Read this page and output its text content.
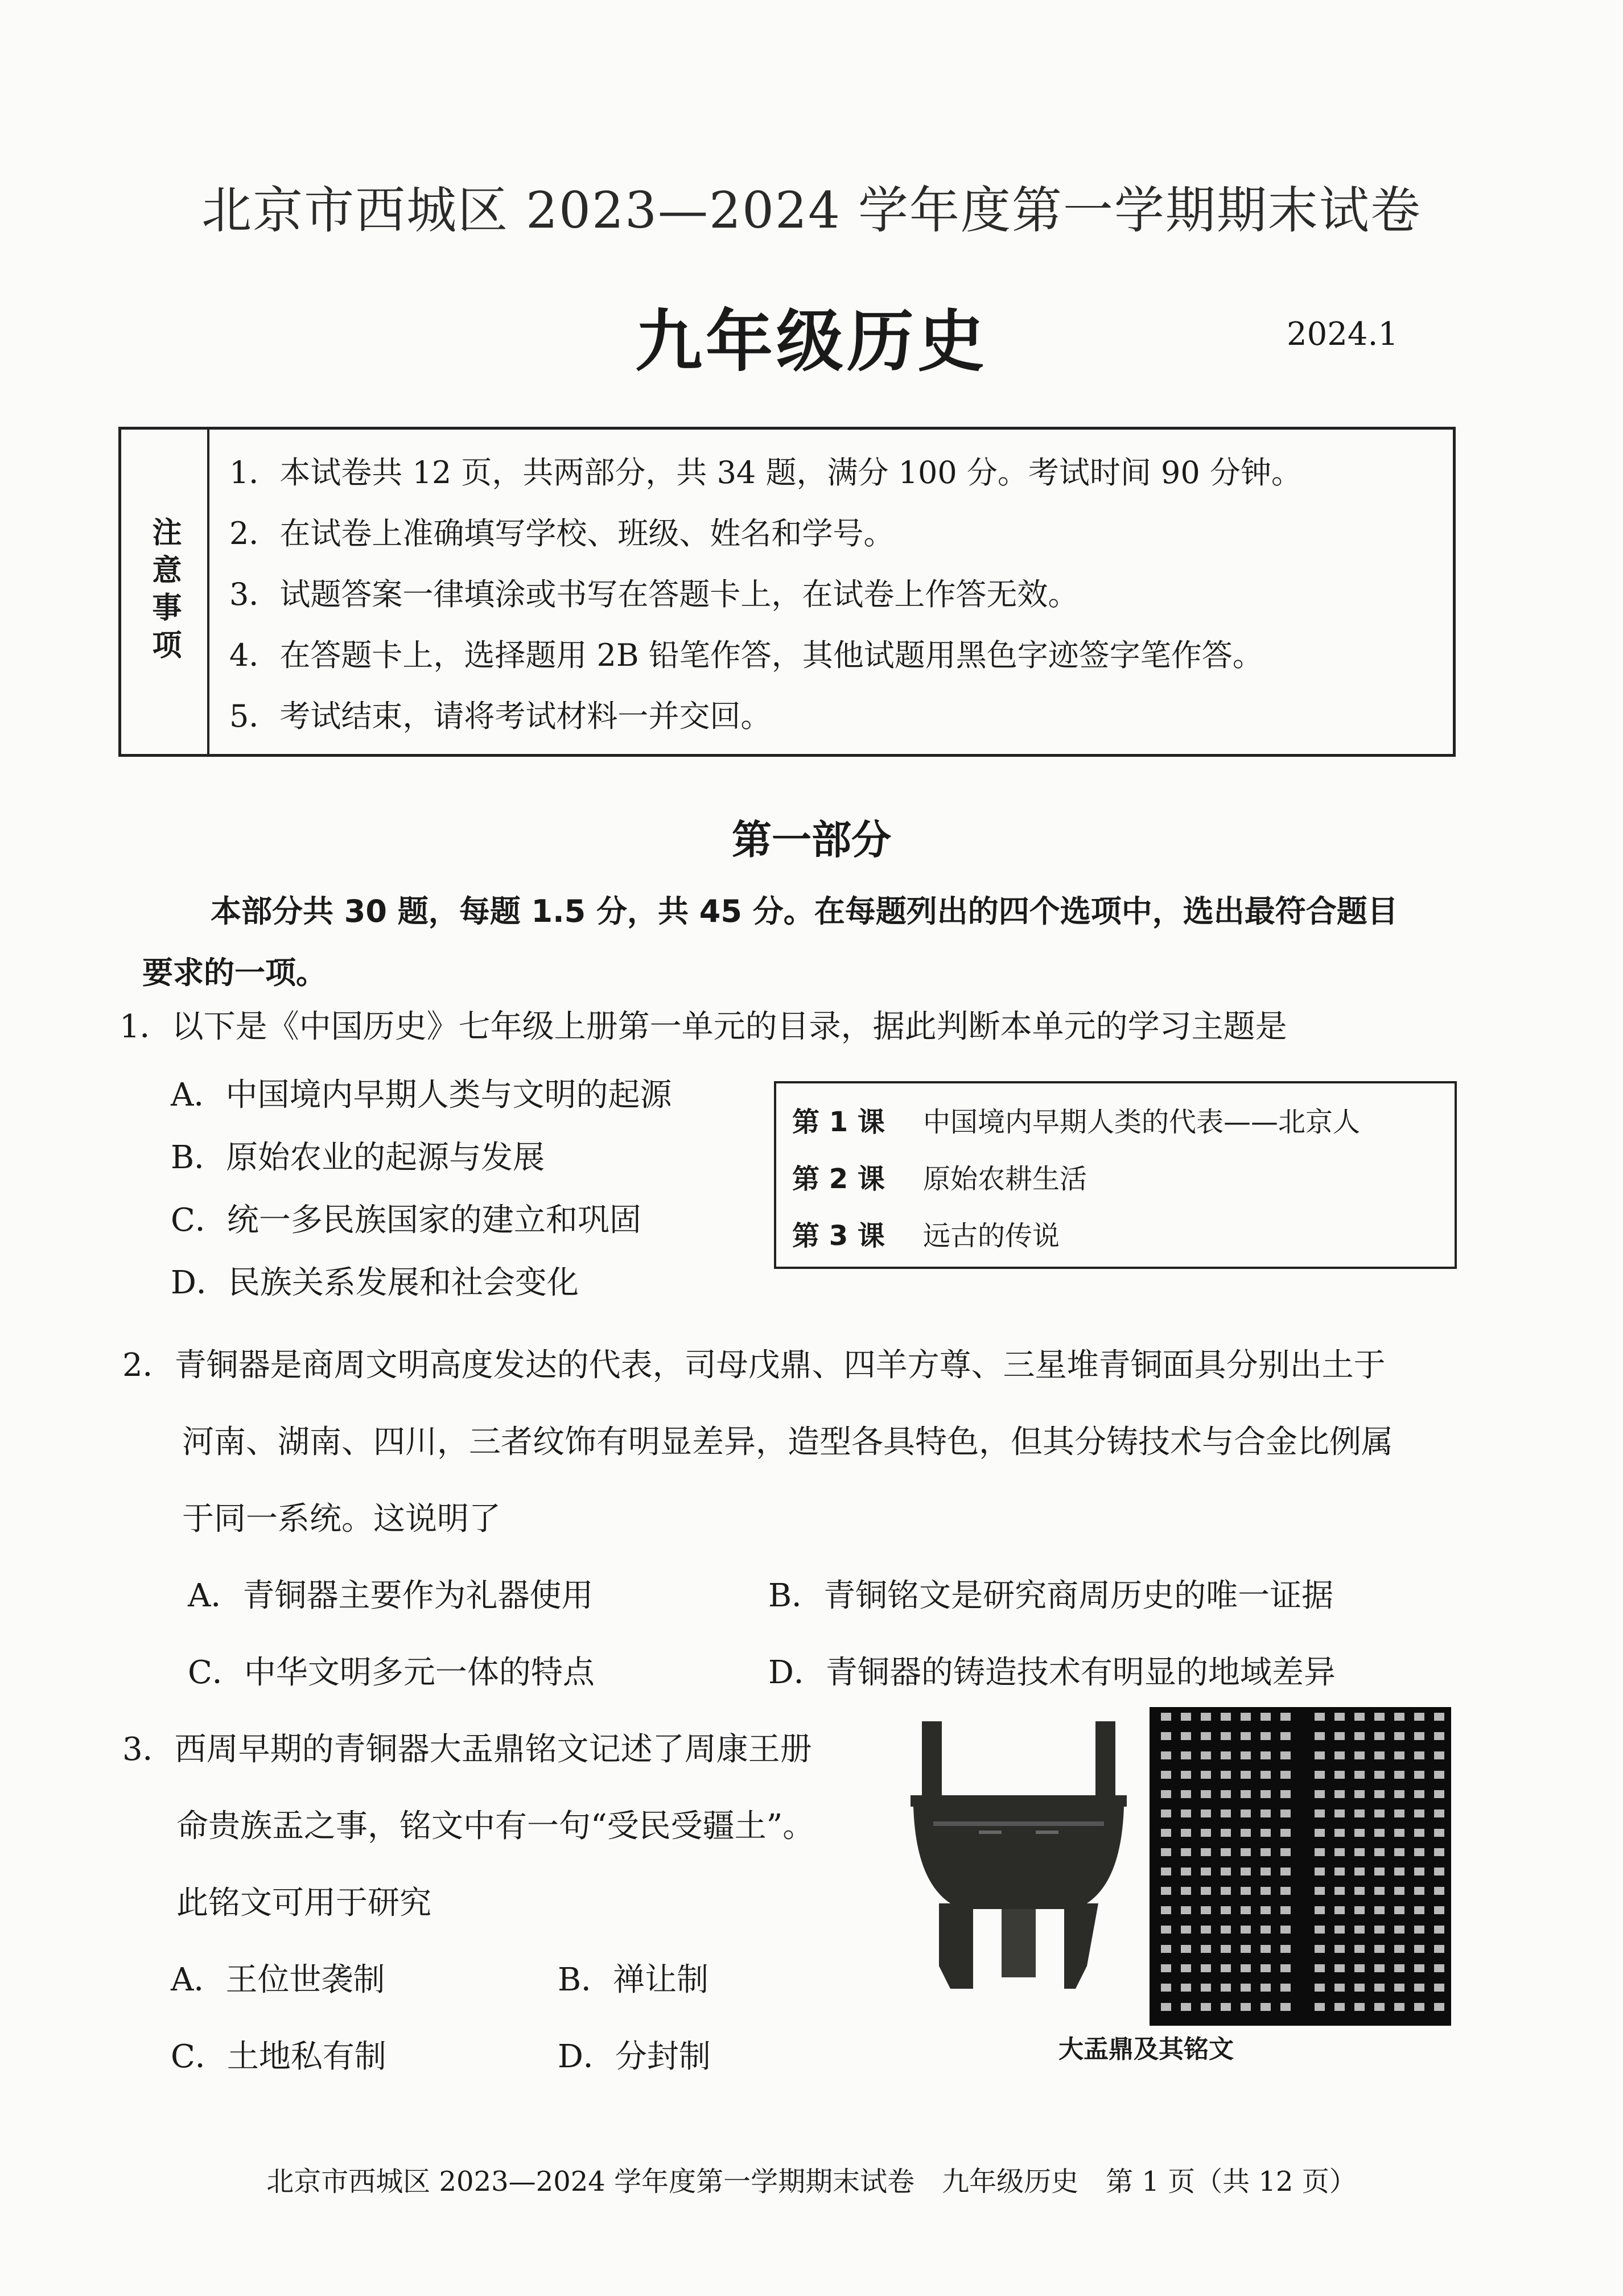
北京市西城区 2023—2024 学年度第一学期期末试卷
九年级历史	2024.1
注意事项
1．本试卷共 12 页，共两部分，共 34 题，满分 100 分。考试时间 90 分钟。
2．在试卷上准确填写学校、班级、姓名和学号。
3．试题答案一律填涂或书写在答题卡上，在试卷上作答无效。
4．在答题卡上，选择题用 2B 铅笔作答，其他试题用黑色字迹签字笔作答。
5．考试结束，请将考试材料一并交回。
第一部分
本部分共 30 题，每题 1.5 分，共 45 分。在每题列出的四个选项中，选出最符合题目
要求的一项。
1．以下是《中国历史》七年级上册第一单元的目录，据此判断本单元的学习主题是
A．中国境内早期人类与文明的起源
B．原始农业的起源与发展
C．统一多民族国家的建立和巩固
D．民族关系发展和社会变化
第 1 课 中国境内早期人类的代表——北京人
第 2 课 原始农耕生活
第 3 课 远古的传说
2．青铜器是商周文明高度发达的代表，司母戊鼎、四羊方尊、三星堆青铜面具分别出土于
河南、湖南、四川，三者纹饰有明显差异，造型各具特色，但其分铸技术与合金比例属
于同一系统。这说明了
A．青铜器主要作为礼器使用	B．青铜铭文是研究商周历史的唯一证据
C．中华文明多元一体的特点	D．青铜器的铸造技术有明显的地域差异
3．西周早期的青铜器大盂鼎铭文记述了周康王册
命贵族盂之事，铭文中有一句“受民受疆土”。
此铭文可用于研究
A．王位世袭制	B．禅让制
C．土地私有制	D．分封制	大盂鼎及其铭文
北京市西城区 2023—2024 学年度第一学期期末试卷　九年级历史　第 1 页（共 12 页）
